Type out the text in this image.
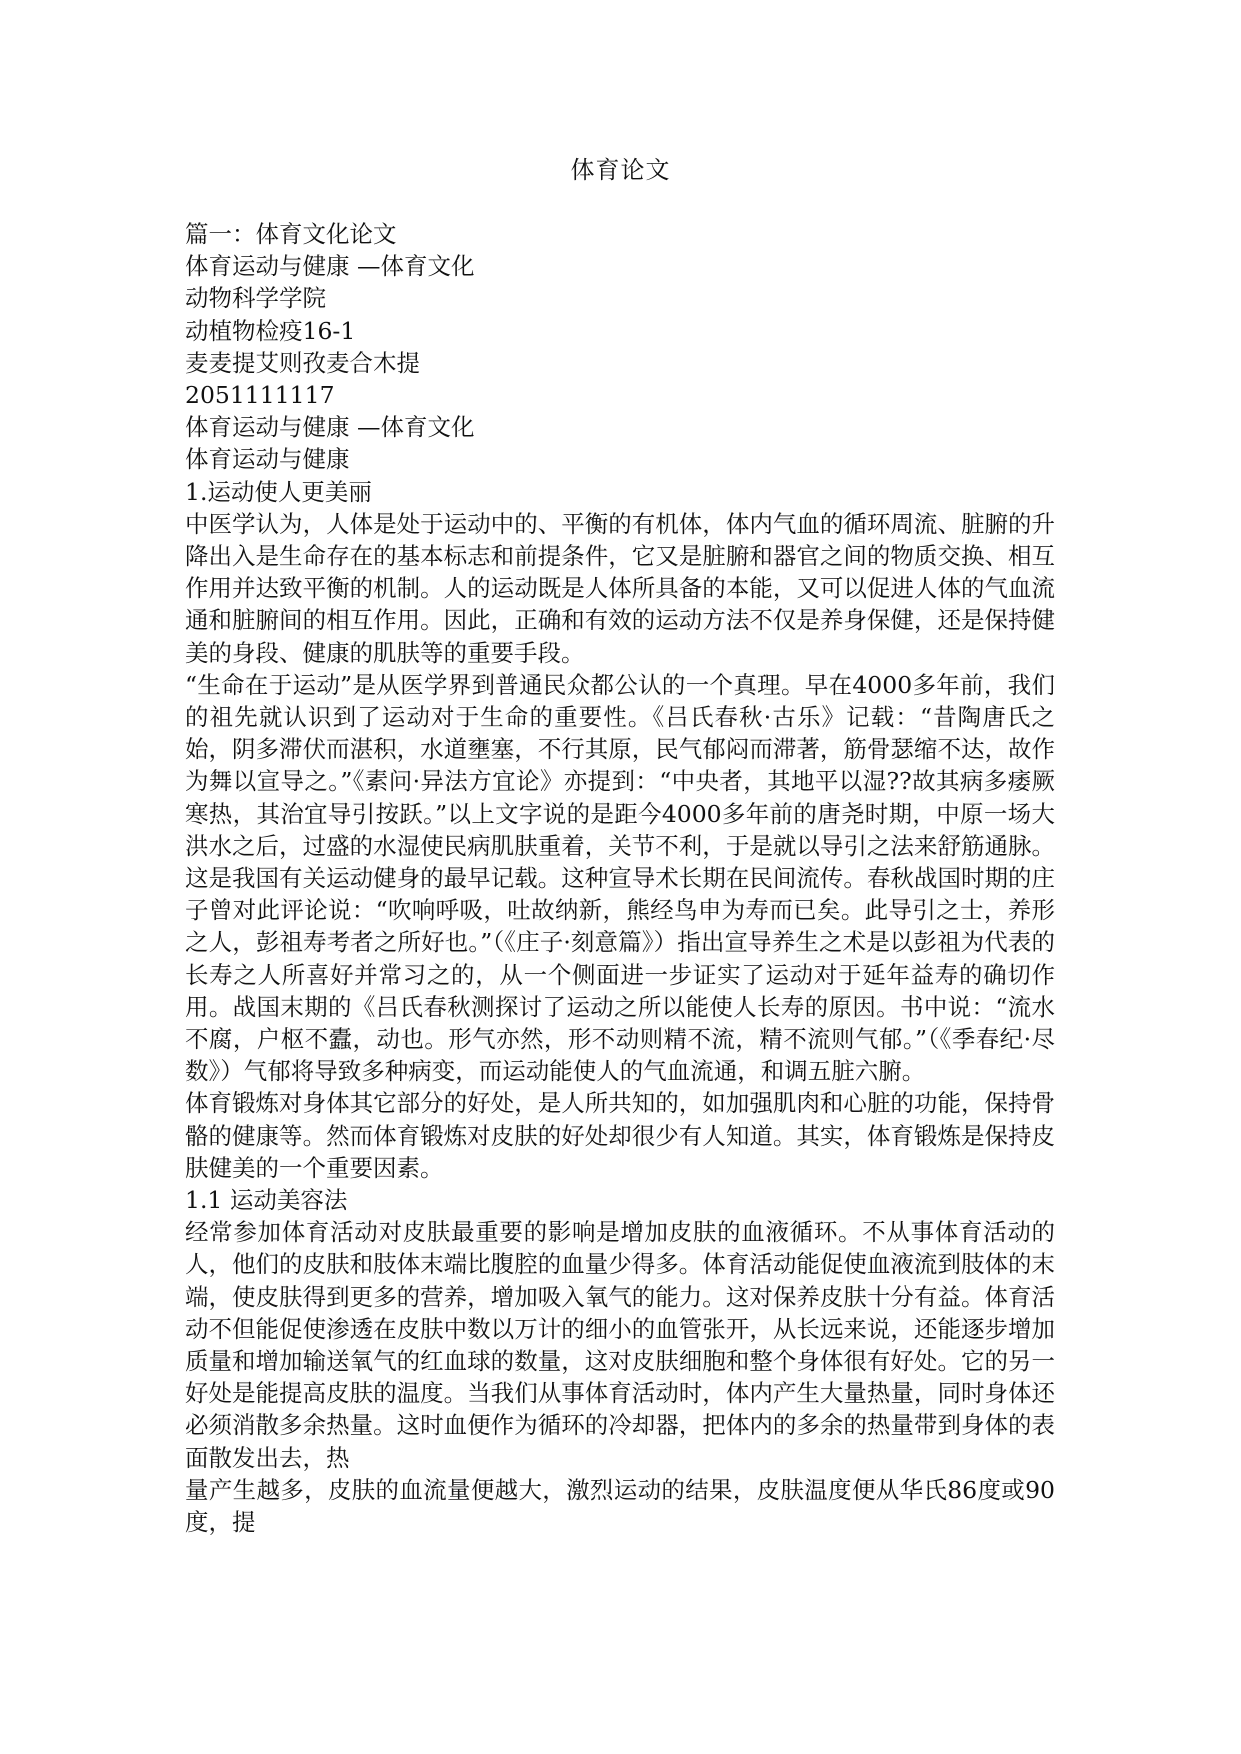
体育论文
篇一：体育文化论文
体育运动与健康 —体育文化
动物科学学院
动植物检疫16-1
麦麦提艾则孜麦合木提
2051111117
体育运动与健康 —体育文化
体育运动与健康
1.运动使人更美丽
中医学认为，人体是处于运动中的、平衡的有机体，体内气血的循环周流、脏腑的升降出入是生命存在的基本标志和前提条件，它又是脏腑和器官之间的物质交换、相互作用并达致平衡的机制。人的运动既是人体所具备的本能，又可以促进人体的气血流通和脏腑间的相互作用。因此，正确和有效的运动方法不仅是养身保健，还是保持健美的身段、健康的肌肤等的重要手段。
“生命在于运动”是从医学界到普通民众都公认的一个真理。早在4000多年前，我们的祖先就认识到了运动对于生命的重要性。《吕氏春秋·古乐》记载：“昔陶唐氏之始，阴多滞伏而湛积，水道壅塞，不行其原，民气郁闷而滞著，筋骨瑟缩不达，故作为舞以宣导之。”《素问·异法方宜论》亦提到：“中央者，其地平以湿??故其病多痿厥寒热，其治宜导引按跃。”以上文字说的是距今4000多年前的唐尧时期，中原一场大洪水之后，过盛的水湿使民病肌肤重着，关节不利，于是就以导引之法来舒筋通脉。这是我国有关运动健身的最早记载。这种宣导术长期在民间流传。春秋战国时期的庄子曾对此评论说：“吹响呼吸，吐故纳新，熊经鸟申为寿而已矣。此导引之士，养形之人，彭祖寿考者之所好也。”（《庄子·刻意篇》）指出宣导养生之术是以彭祖为代表的长寿之人所喜好并常习之的，从一个侧面进一步证实了运动对于延年益寿的确切作用。战国末期的《吕氏春秋测探讨了运动之所以能使人长寿的原因。书中说：“流水不腐，户枢不蠹，动也。形气亦然，形不动则精不流，精不流则气郁。”（《季春纪·尽数》）气郁将导致多种病变，而运动能使人的气血流通，和调五脏六腑。
体育锻炼对身体其它部分的好处，是人所共知的，如加强肌肉和心脏的功能，保持骨骼的健康等。然而体育锻炼对皮肤的好处却很少有人知道。其实，体育锻炼是保持皮肤健美的一个重要因素。
1.1 运动美容法
经常参加体育活动对皮肤最重要的影响是增加皮肤的血液循环。不从事体育活动的人，他们的皮肤和肢体末端比腹腔的血量少得多。体育活动能促使血液流到肢体的末端，使皮肤得到更多的营养，增加吸入氧气的能力。这对保养皮肤十分有益。体育活动不但能促使渗透在皮肤中数以万计的细小的血管张开，从长远来说，还能逐步增加质量和增加输送氧气的红血球的数量，这对皮肤细胞和整个身体很有好处。它的另一好处是能提高皮肤的温度。当我们从事体育活动时，体内产生大量热量，同时身体还必须消散多余热量。这时血便作为循环的冷却器，把体内的多余的热量带到身体的表面散发出去，热
量产生越多，皮肤的血流量便越大，激烈运动的结果，皮肤温度便从华氏86度或90度，提
